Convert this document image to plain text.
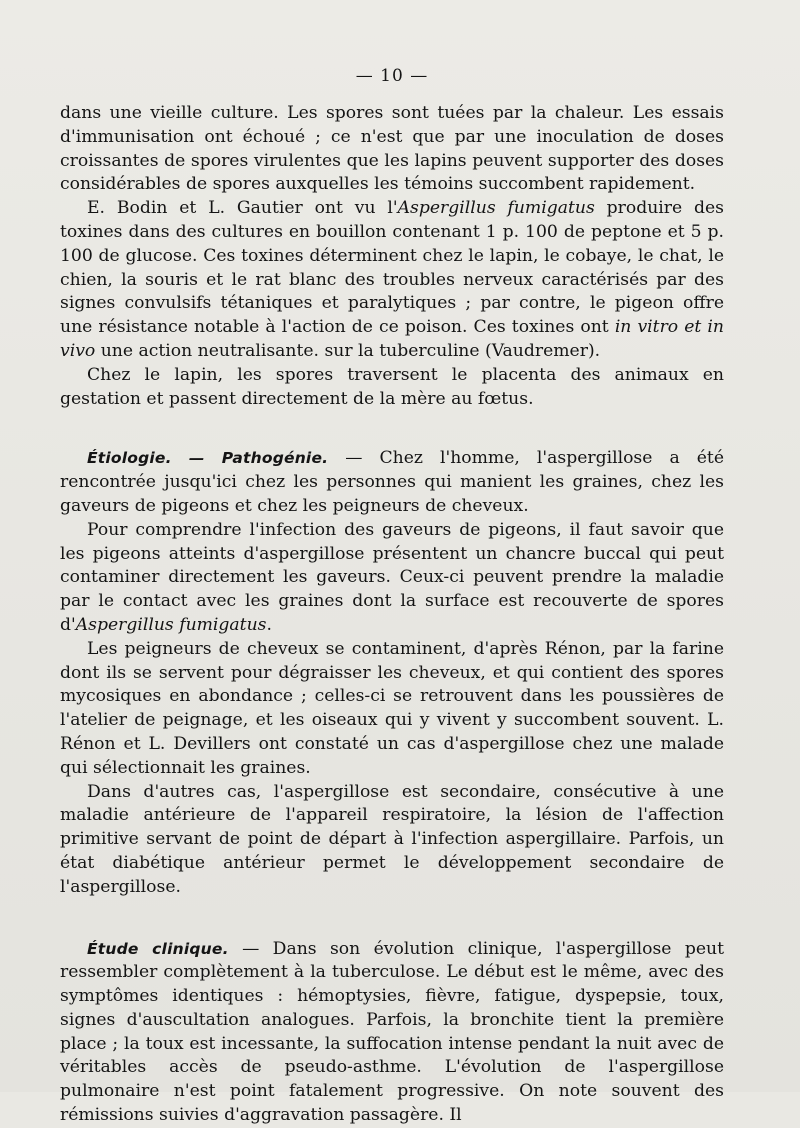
— 10 —

dans une vieille culture. Les spores sont tuées par la chaleur. Les essais d'immunisation ont échoué ; ce n'est que par une inoculation de doses croissantes de spores virulentes que les lapins peuvent supporter des doses considérables de spores auxquelles les témoins succombent rapidement.

E. Bodin et L. Gautier ont vu l'Aspergillus fumigatus produire des toxines dans des cultures en bouillon contenant 1 p. 100 de peptone et 5 p. 100 de glucose. Ces toxines déterminent chez le lapin, le cobaye, le chat, le chien, la souris et le rat blanc des troubles nerveux caractérisés par des signes convulsifs tétaniques et paralytiques ; par contre, le pigeon offre une résistance notable à l'action de ce poison. Ces toxines ont in vitro et in vivo une action neutralisante. sur la tuberculine (Vaudremer).

Chez le lapin, les spores traversent le placenta des animaux en gestation et passent directement de la mère au fœtus.

Étiologie. — Pathogénie. — Chez l'homme, l'aspergillose a été rencontrée jusqu'ici chez les personnes qui manient les graines, chez les gaveurs de pigeons et chez les peigneurs de cheveux.

Pour comprendre l'infection des gaveurs de pigeons, il faut savoir que les pigeons atteints d'aspergillose présentent un chancre buccal qui peut contaminer directement les gaveurs. Ceux-ci peuvent prendre la maladie par le contact avec les graines dont la surface est recouverte de spores d'Aspergillus fumigatus.

Les peigneurs de cheveux se contaminent, d'après Rénon, par la farine dont ils se servent pour dégraisser les cheveux, et qui contient des spores mycosiques en abondance ; celles-ci se retrouvent dans les poussières de l'atelier de peignage, et les oiseaux qui y vivent y succombent souvent. L. Rénon et L. Devillers ont constaté un cas d'aspergillose chez une malade qui sélectionnait les graines.

Dans d'autres cas, l'aspergillose est secondaire, consécutive à une maladie antérieure de l'appareil respiratoire, la lésion de l'affection primitive servant de point de départ à l'infection aspergillaire. Parfois, un état diabétique antérieur permet le développement secondaire de l'aspergillose.

Étude clinique. — Dans son évolution clinique, l'aspergillose peut ressembler complètement à la tuberculose. Le début est le même, avec des symptômes identiques : hémoptysies, fièvre, fatigue, dyspepsie, toux, signes d'auscultation analogues. Parfois, la bronchite tient la première place ; la toux est incessante, la suffocation intense pendant la nuit avec de véritables accès de pseudo-asthme. L'évolution de l'aspergillose pulmonaire n'est point fatalement progressive. On note souvent des rémissions suivies d'aggravation passagère. Il
